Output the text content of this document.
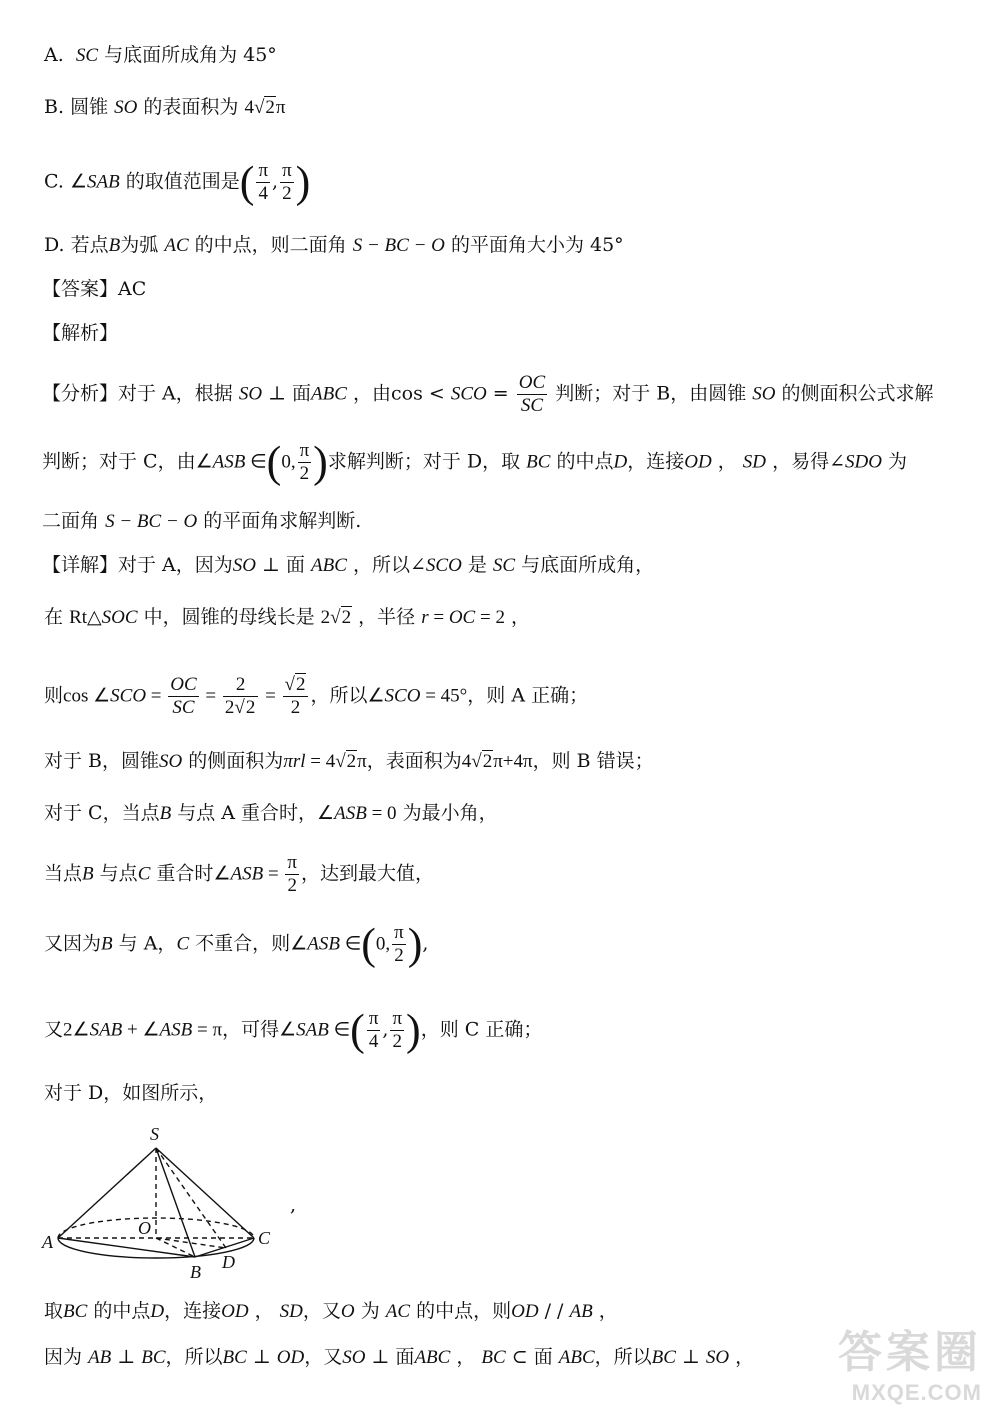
A. SC 与底面所成角为 45°
B. 圆锥 SO 的表面积为 4√2π
C. ∠SAB 的取值范围是( $\frac{\pi}{4}$ , $\frac{\pi}{2}$ )
D. 若点B为弧 AC 的中点，则二面角 S − BC − O 的平面角大小为 45°
【答案】AC
【解析】
【分析】对于 A，根据 SO ⊥ 面ABC ，由cos < SCO = $\frac{OC}{SC}$ 判断；对于 B，由圆锥 SO 的侧面积公式求解
判断；对于 C，由∠ASB ∈(0, $\frac{\pi}{2}$ )求解判断；对于 D，取 BC 的中点D，连接OD ， SD ，易得∠SDO 为
二面角 S − BC − O 的平面角求解判断.
【详解】对于 A，因为SO ⊥ 面 ABC ，所以∠SCO 是 SC 与底面所成角，
在 Rt△SOC 中，圆锥的母线长是 2√2 ，半径 r = OC = 2 ，
则cos ∠SCO = $\frac{OC}{SC} = \frac{2}{2√2} = \frac{√2}{2}$ ，所以∠SCO = 45°，则 A 正确；
对于 B，圆锥SO 的侧面积为πrl = 4√2π，表面积为4√2π+4π，则 B 错误；
对于 C，当点B 与点 A 重合时，∠ASB = 0 为最小角，
当点B 与点C 重合时∠ASB = $\frac{\pi}{2}$ ，达到最大值，
又因为B 与 A，C 不重合，则∠ASB ∈(0, $\frac{\pi}{2}$ ),
又2∠SAB + ∠ASB = π，可得∠SAB ∈( $\frac{\pi}{4}$ , $\frac{\pi}{2}$ )，则 C 正确；
对于 D，如图所示，
S
O
A
B
C
D
,
取BC 的中点D，连接OD ， SD，又O 为 AC 的中点，则OD / / AB ，
因为 AB ⊥ BC，所以BC ⊥ OD，又SO ⊥ 面ABC ， BC ⊂ 面 ABC，所以BC ⊥ SO ， 答案圈
MXQE.COM
